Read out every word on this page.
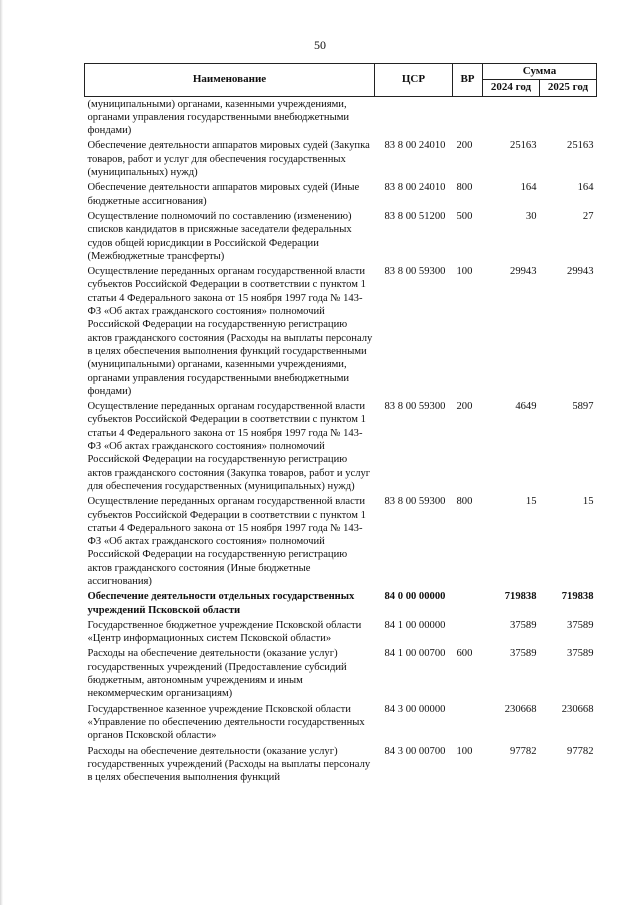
50
Наименование	ЦСР	ВР	Сумма	
			2024 год	2025 год
(муниципальными) органами, казенными учреждениями, органами управления государственными внебюджетными фондами)				
Обеспечение деятельности аппаратов мировых судей (Закупка товаров, работ и услуг для обеспечения государственных (муниципальных) нужд)	83 8 00 24010	200	25163	25163
Обеспечение деятельности аппаратов мировых судей (Иные бюджетные ассигнования)	83 8 00 24010	800	164	164
Осуществление полномочий по составлению (изменению) списков кандидатов в присяжные заседатели федеральных судов общей юрисдикции в Российской Федерации (Межбюджетные трансферты)	83 8 00 51200	500	30	27
Осуществление переданных органам государственной власти субъектов Российской Федерации в соответствии с пунктом 1 статьи 4 Федерального закона от 15 ноября 1997 года № 143-ФЗ «Об актах гражданского состояния» полномочий Российской Федерации на государственную регистрацию актов гражданского состояния (Расходы на выплаты персоналу в целях обеспечения выполнения функций государственными (муниципальными) органами, казенными учреждениями, органами управления государственными внебюджетными фондами)	83 8 00 59300	100	29943	29943
Осуществление переданных органам государственной власти субъектов Российской Федерации в соответствии с пунктом 1 статьи 4 Федерального закона от 15 ноября 1997 года № 143-ФЗ «Об актах гражданского состояния» полномочий Российской Федерации на государственную регистрацию актов гражданского состояния (Закупка товаров, работ и услуг для обеспечения государственных (муниципальных) нужд)	83 8 00 59300	200	4649	5897
Осуществление переданных органам государственной власти субъектов Российской Федерации в соответствии с пунктом 1 статьи 4 Федерального закона от 15 ноября 1997 года № 143-ФЗ «Об актах гражданского состояния» полномочий Российской Федерации на государственную регистрацию актов гражданского состояния (Иные бюджетные ассигнования)	83 8 00 59300	800	15	15
Обеспечение деятельности отдельных государственных учреждений Псковской области	84 0 00 00000		719838	719838
Государственное бюджетное учреждение Псковской области «Центр информационных систем Псковской области»	84 1 00 00000		37589	37589
Расходы на обеспечение деятельности (оказание услуг) государственных учреждений (Предоставление субсидий бюджетным, автономным учреждениям и иным некоммерческим организациям)	84 1 00 00700	600	37589	37589
Государственное казенное учреждение Псковской области «Управление по обеспечению деятельности государственных органов Псковской области»	84 3 00 00000		230668	230668
Расходы на обеспечение деятельности (оказание услуг) государственных учреждений (Расходы на выплаты персоналу в целях обеспечения выполнения функций	84 3 00 00700	100	97782	97782
